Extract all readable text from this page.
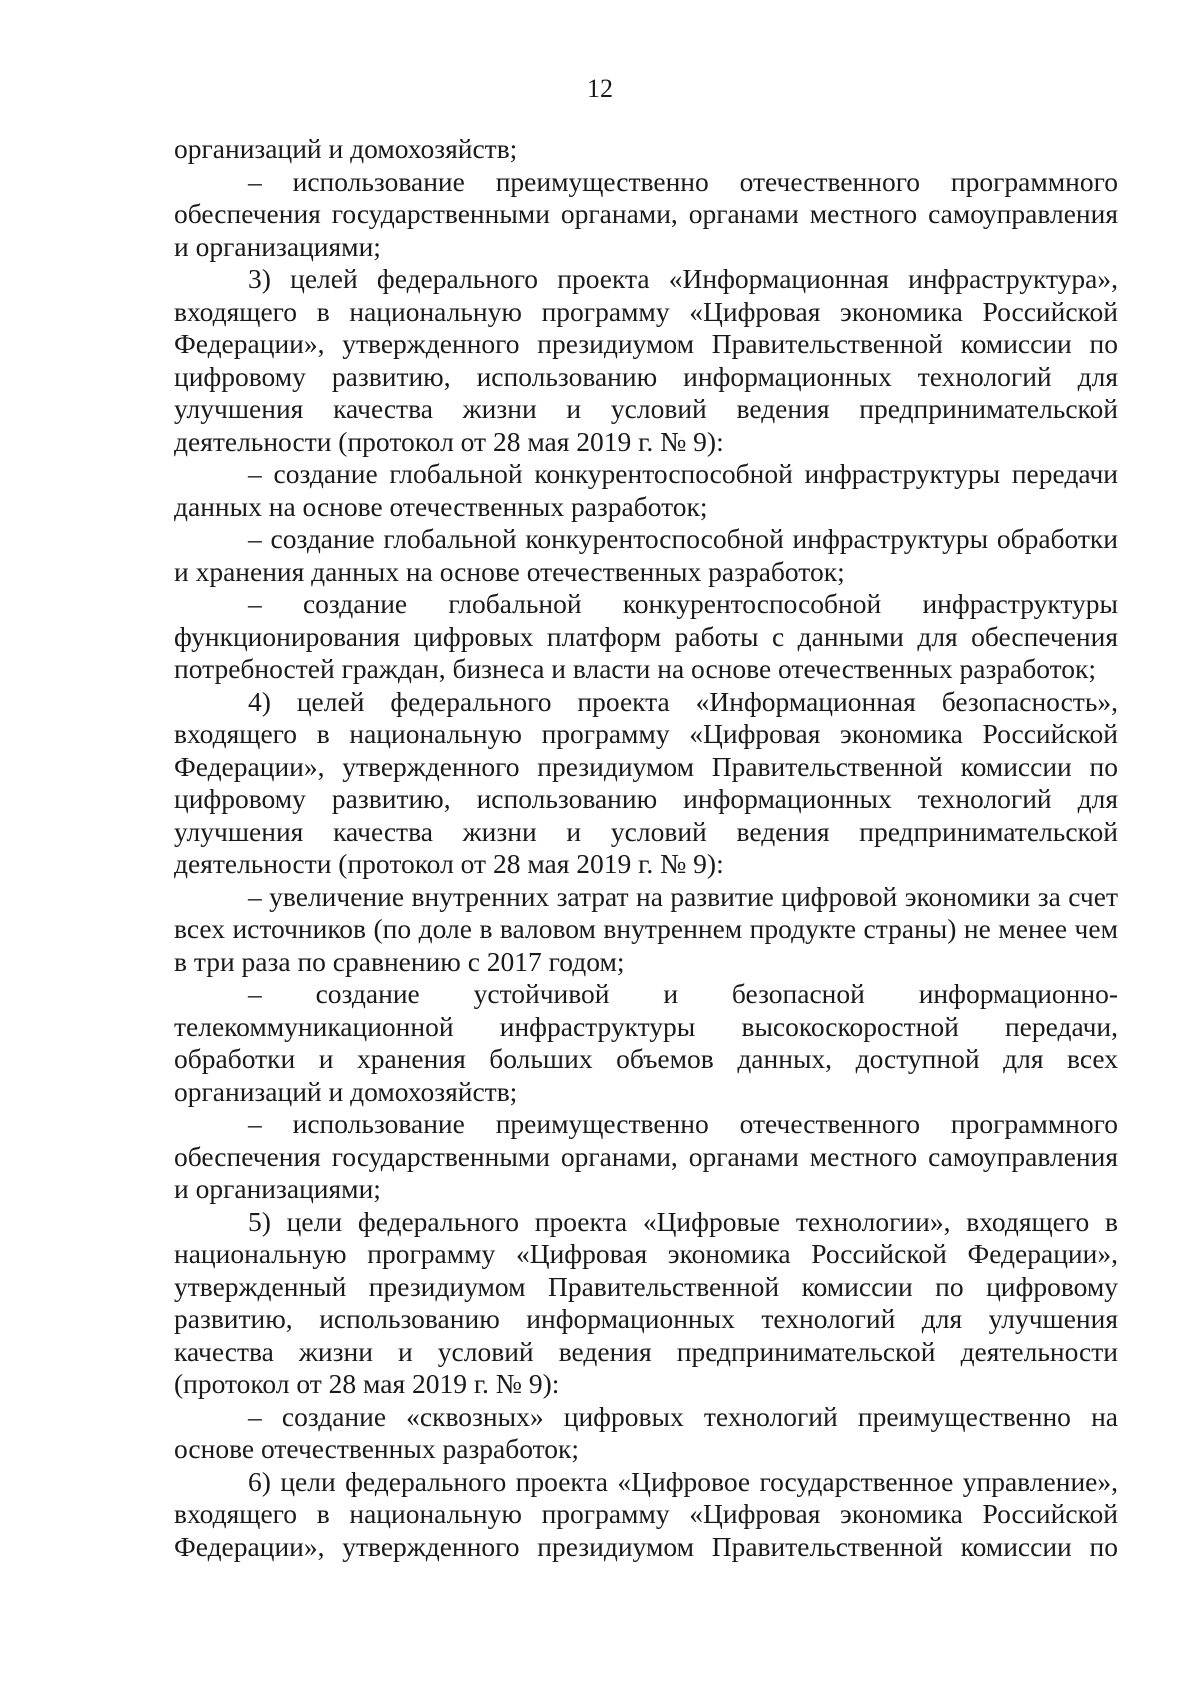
12

организаций и домохозяйств;

– использование преимущественно отечественного программного обеспечения государственными органами, органами местного самоуправления и организациями;

3) целей федерального проекта «Информационная инфраструктура», входящего в национальную программу «Цифровая экономика Российской Федерации», утвержденного президиумом Правительственной комиссии по цифровому развитию, использованию информационных технологий для улучшения качества жизни и условий ведения предпринимательской деятельности (протокол от 28 мая 2019 г. № 9):

– создание глобальной конкурентоспособной инфраструктуры передачи данных на основе отечественных разработок;

– создание глобальной конкурентоспособной инфраструктуры обработки и хранения данных на основе отечественных разработок;

– создание глобальной конкурентоспособной инфраструктуры функционирования цифровых платформ работы с данными для обеспечения потребностей граждан, бизнеса и власти на основе отечественных разработок;

4) целей федерального проекта «Информационная безопасность», входящего в национальную программу «Цифровая экономика Российской Федерации», утвержденного президиумом Правительственной комиссии по цифровому развитию, использованию информационных технологий для улучшения качества жизни и условий ведения предпринимательской деятельности (протокол от 28 мая 2019 г. № 9):

– увеличение внутренних затрат на развитие цифровой экономики за счет всех источников (по доле в валовом внутреннем продукте страны) не менее чем в три раза по сравнению с 2017 годом;

– создание устойчивой и безопасной информационно-телекоммуникационной инфраструктуры высокоскоростной передачи, обработки и хранения больших объемов данных, доступной для всех организаций и домохозяйств;

– использование преимущественно отечественного программного обеспечения государственными органами, органами местного самоуправления и организациями;

5) цели федерального проекта «Цифровые технологии», входящего в национальную программу «Цифровая экономика Российской Федерации», утвержденный президиумом Правительственной комиссии по цифровому развитию, использованию информационных технологий для улучшения качества жизни и условий ведения предпринимательской деятельности (протокол от 28 мая 2019 г. № 9):

– создание «сквозных» цифровых технологий преимущественно на основе отечественных разработок;

6) цели федерального проекта «Цифровое государственное управление», входящего в национальную программу «Цифровая экономика Российской Федерации», утвержденного президиумом Правительственной комиссии по
